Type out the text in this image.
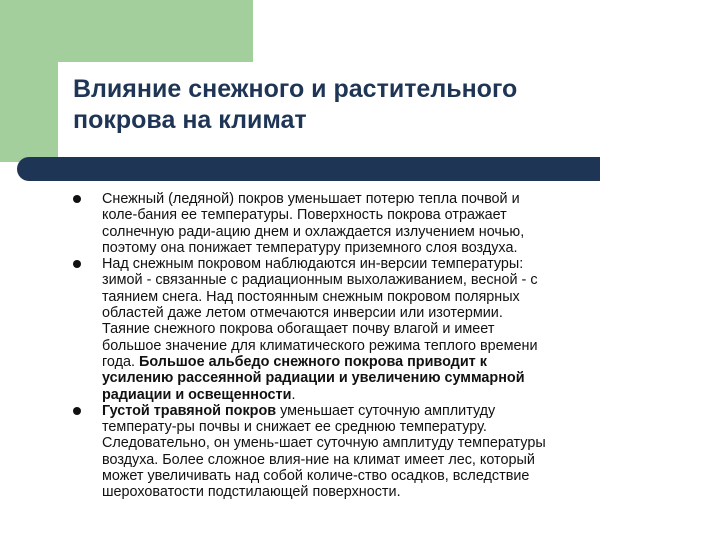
Влияние снежного и растительного
покрова на климат
Снежный (ледяной) покров уменьшает потерю тепла почвой и
коле-бания ее температуры. Поверхность покрова отражает
солнечную ради-ацию днем и охлаждается излучением ночью,
поэтому она понижает температуру приземного слоя воздуха.
Над снежным покровом наблюдаются ин-версии температуры:
зимой - связанные с радиационным выхолаживанием, весной - с
таянием снега. Над постоянным снежным покровом полярных
областей даже летом отмечаются инверсии или изотермии.
Таяние снежного покрова обогащает почву влагой и имеет
большое значение для климатического режима теплого времени
года. Большое альбедо снежного покрова приводит к
усилению рассеянной радиации и увеличению суммарной
радиации и освещенности.
Густой травяной покров уменьшает суточную амплитуду
температу-ры почвы и снижает ее среднюю температуру.
Следовательно, он умень-шает суточную амплитуду температуры
воздуха. Более сложное влия-ние на климат имеет лес, который
может увеличивать над собой количе-ство осадков, вследствие
шероховатости подстилающей поверхности.
